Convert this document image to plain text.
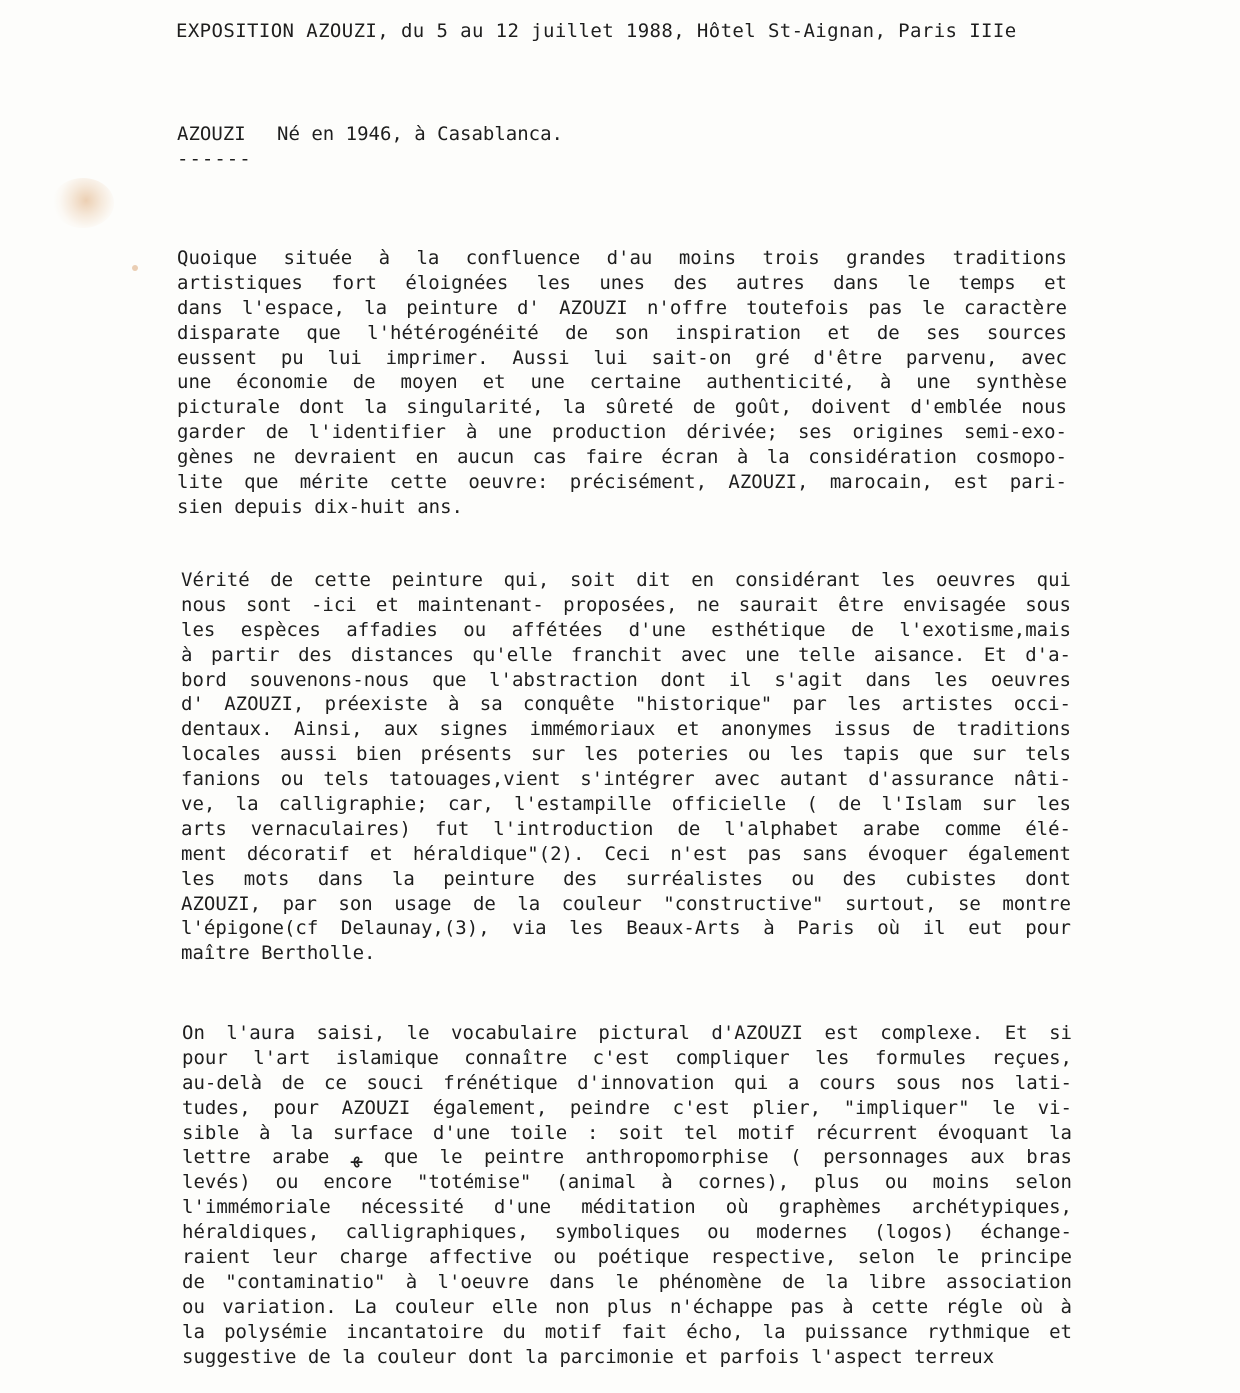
EXPOSITION AZOUZI, du 5 au 12 juillet 1988, Hôtel St-Aignan, Paris IIIe
AZOUZI Né en 1946, à Casablanca.
------
Quoique située à la confluence d'au moins trois grandes traditions
artistiques fort éloignées les unes des autres dans le temps et
dans l'espace, la peinture d' AZOUZI n'offre toutefois pas le caractère
disparate que l'hétérogénéité de son inspiration et de ses sources
eussent pu lui imprimer. Aussi lui sait-on gré d'être parvenu, avec
une économie de moyen et une certaine authenticité, à une synthèse
picturale dont la singularité, la sûreté de goût, doivent d'emblée nous
garder de l'identifier à une production dérivée; ses origines semi-exo-
gènes ne devraient en aucun cas faire écran à la considération cosmopo-
lite que mérite cette oeuvre: précisément, AZOUZI, marocain, est pari-
sien depuis dix-huit ans.
Vérité de cette peinture qui, soit dit en considérant les oeuvres qui
nous sont -ici et maintenant- proposées, ne saurait être envisagée sous
les espèces affadies ou affétées d'une esthétique de l'exotisme,mais
à partir des distances qu'elle franchit avec une telle aisance. Et d'a-
bord souvenons-nous que l'abstraction dont il s'agit dans les oeuvres
d' AZOUZI, préexiste à sa conquête "historique" par les artistes occi-
dentaux. Ainsi, aux signes immémoriaux et anonymes issus de traditions
locales aussi bien présents sur les poteries ou les tapis que sur tels
fanions ou tels tatouages,vient s'intégrer avec autant d'assurance nâti-
ve, la calligraphie; car, l'estampille officielle ( de l'Islam sur les
arts vernaculaires) fut l'introduction de l'alphabet arabe comme élé-
ment décoratif et héraldique"(2). Ceci n'est pas sans évoquer également
les mots dans la peinture des surréalistes ou des cubistes dont
AZOUZI, par son usage de la couleur "constructive" surtout, se montre
l'épigone(cf Delaunay,(3), via les Beaux-Arts à Paris où il eut pour
maître Bertholle.
On l'aura saisi, le vocabulaire pictural d'AZOUZI est complexe. Et si
pour l'art islamique connaître c'est compliquer les formules reçues,
au-delà de ce souci frénétique d'innovation qui a cours sous nos lati-
tudes, pour AZOUZI également, peindre c'est plier, "impliquer" le vi-
sible à la surface d'une toile : soit tel motif récurrent évoquant la
lettre arabe ﻬ que le peintre anthropomorphise ( personnages aux bras
levés) ou encore "totémise" (animal à cornes), plus ou moins selon
l'immémoriale nécessité d'une méditation où graphèmes archétypiques,
héraldiques, calligraphiques, symboliques ou modernes (logos) échange-
raient leur charge affective ou poétique respective, selon le principe
de "contaminatio" à l'oeuvre dans le phénomène de la libre association
ou variation. La couleur elle non plus n'échappe pas à cette régle où à
la polysémie incantatoire du motif fait écho, la puissance rythmique et
suggestive de la couleur dont la parcimonie et parfois l'aspect terreux
